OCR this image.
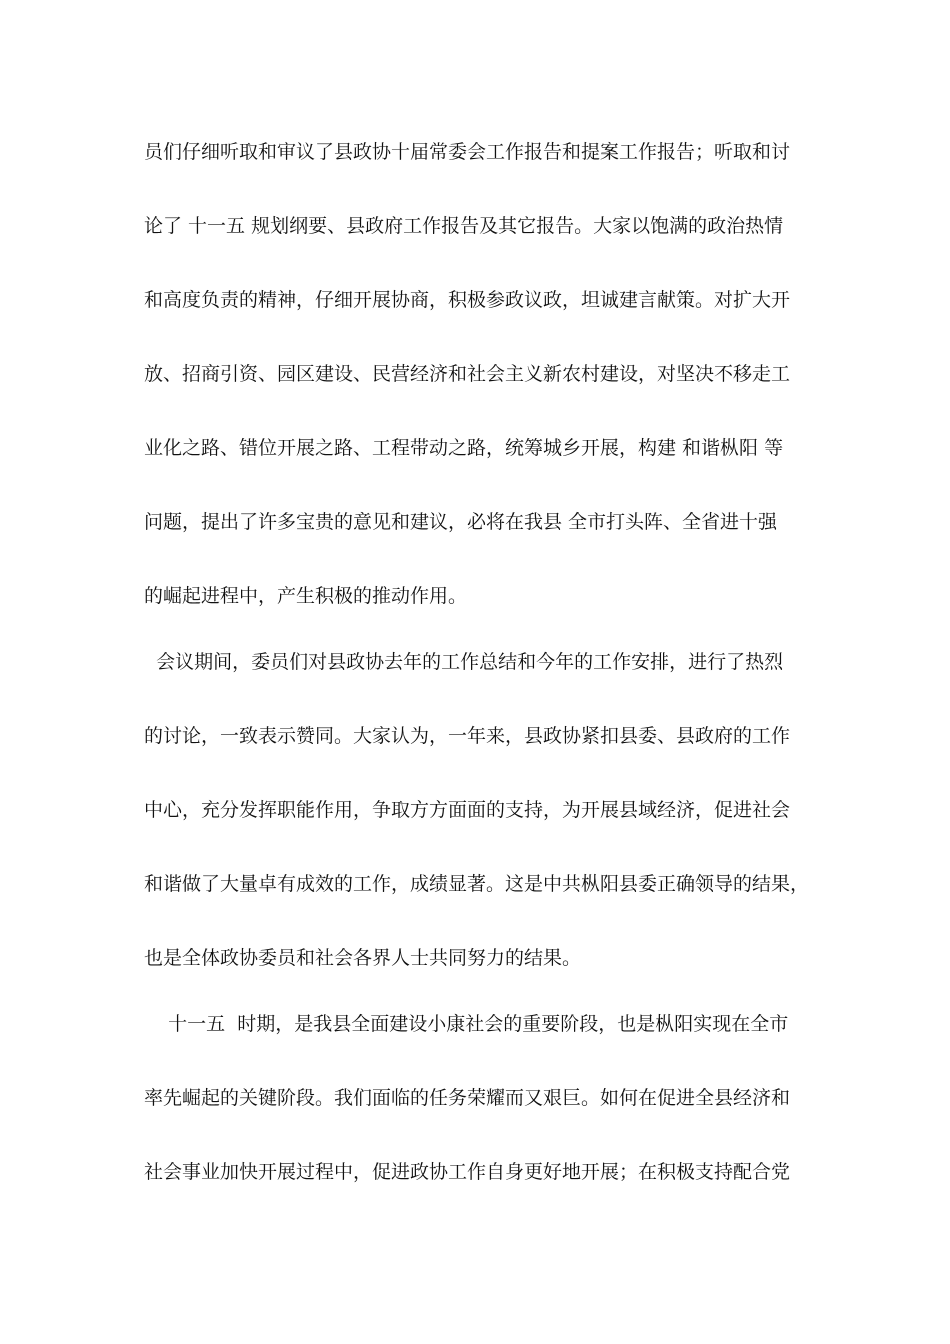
员们仔细听取和审议了县政协十届常委会工作报告和提案工作报告；听取和讨
论了 十一五 规划纲要、县政府工作报告及其它报告。大家以饱满的政治热情
和高度负责的精神，仔细开展协商，积极参政议政，坦诚建言献策。对扩大开
放、招商引资、园区建设、民营经济和社会主义新农村建设，对坚决不移走工
业化之路、错位开展之路、工程带动之路，统筹城乡开展，构建 和谐枞阳 等
问题，提出了许多宝贵的意见和建议，必将在我县 全市打头阵、全省进十强
的崛起进程中，产生积极的推动作用。
会议期间，委员们对县政协去年的工作总结和今年的工作安排，进行了热烈
的讨论，一致表示赞同。大家认为，一年来，县政协紧扣县委、县政府的工作
中心，充分发挥职能作用，争取方方面面的支持，为开展县域经济，促进社会
和谐做了大量卓有成效的工作，成绩显著。这是中共枞阳县委正确领导的结果，
也是全体政协委员和社会各界人士共同努力的结果。
十一五  时期，是我县全面建设小康社会的重要阶段，也是枞阳实现在全市
率先崛起的关键阶段。我们面临的任务荣耀而又艰巨。如何在促进全县经济和
社会事业加快开展过程中，促进政协工作自身更好地开展；在积极支持配合党
